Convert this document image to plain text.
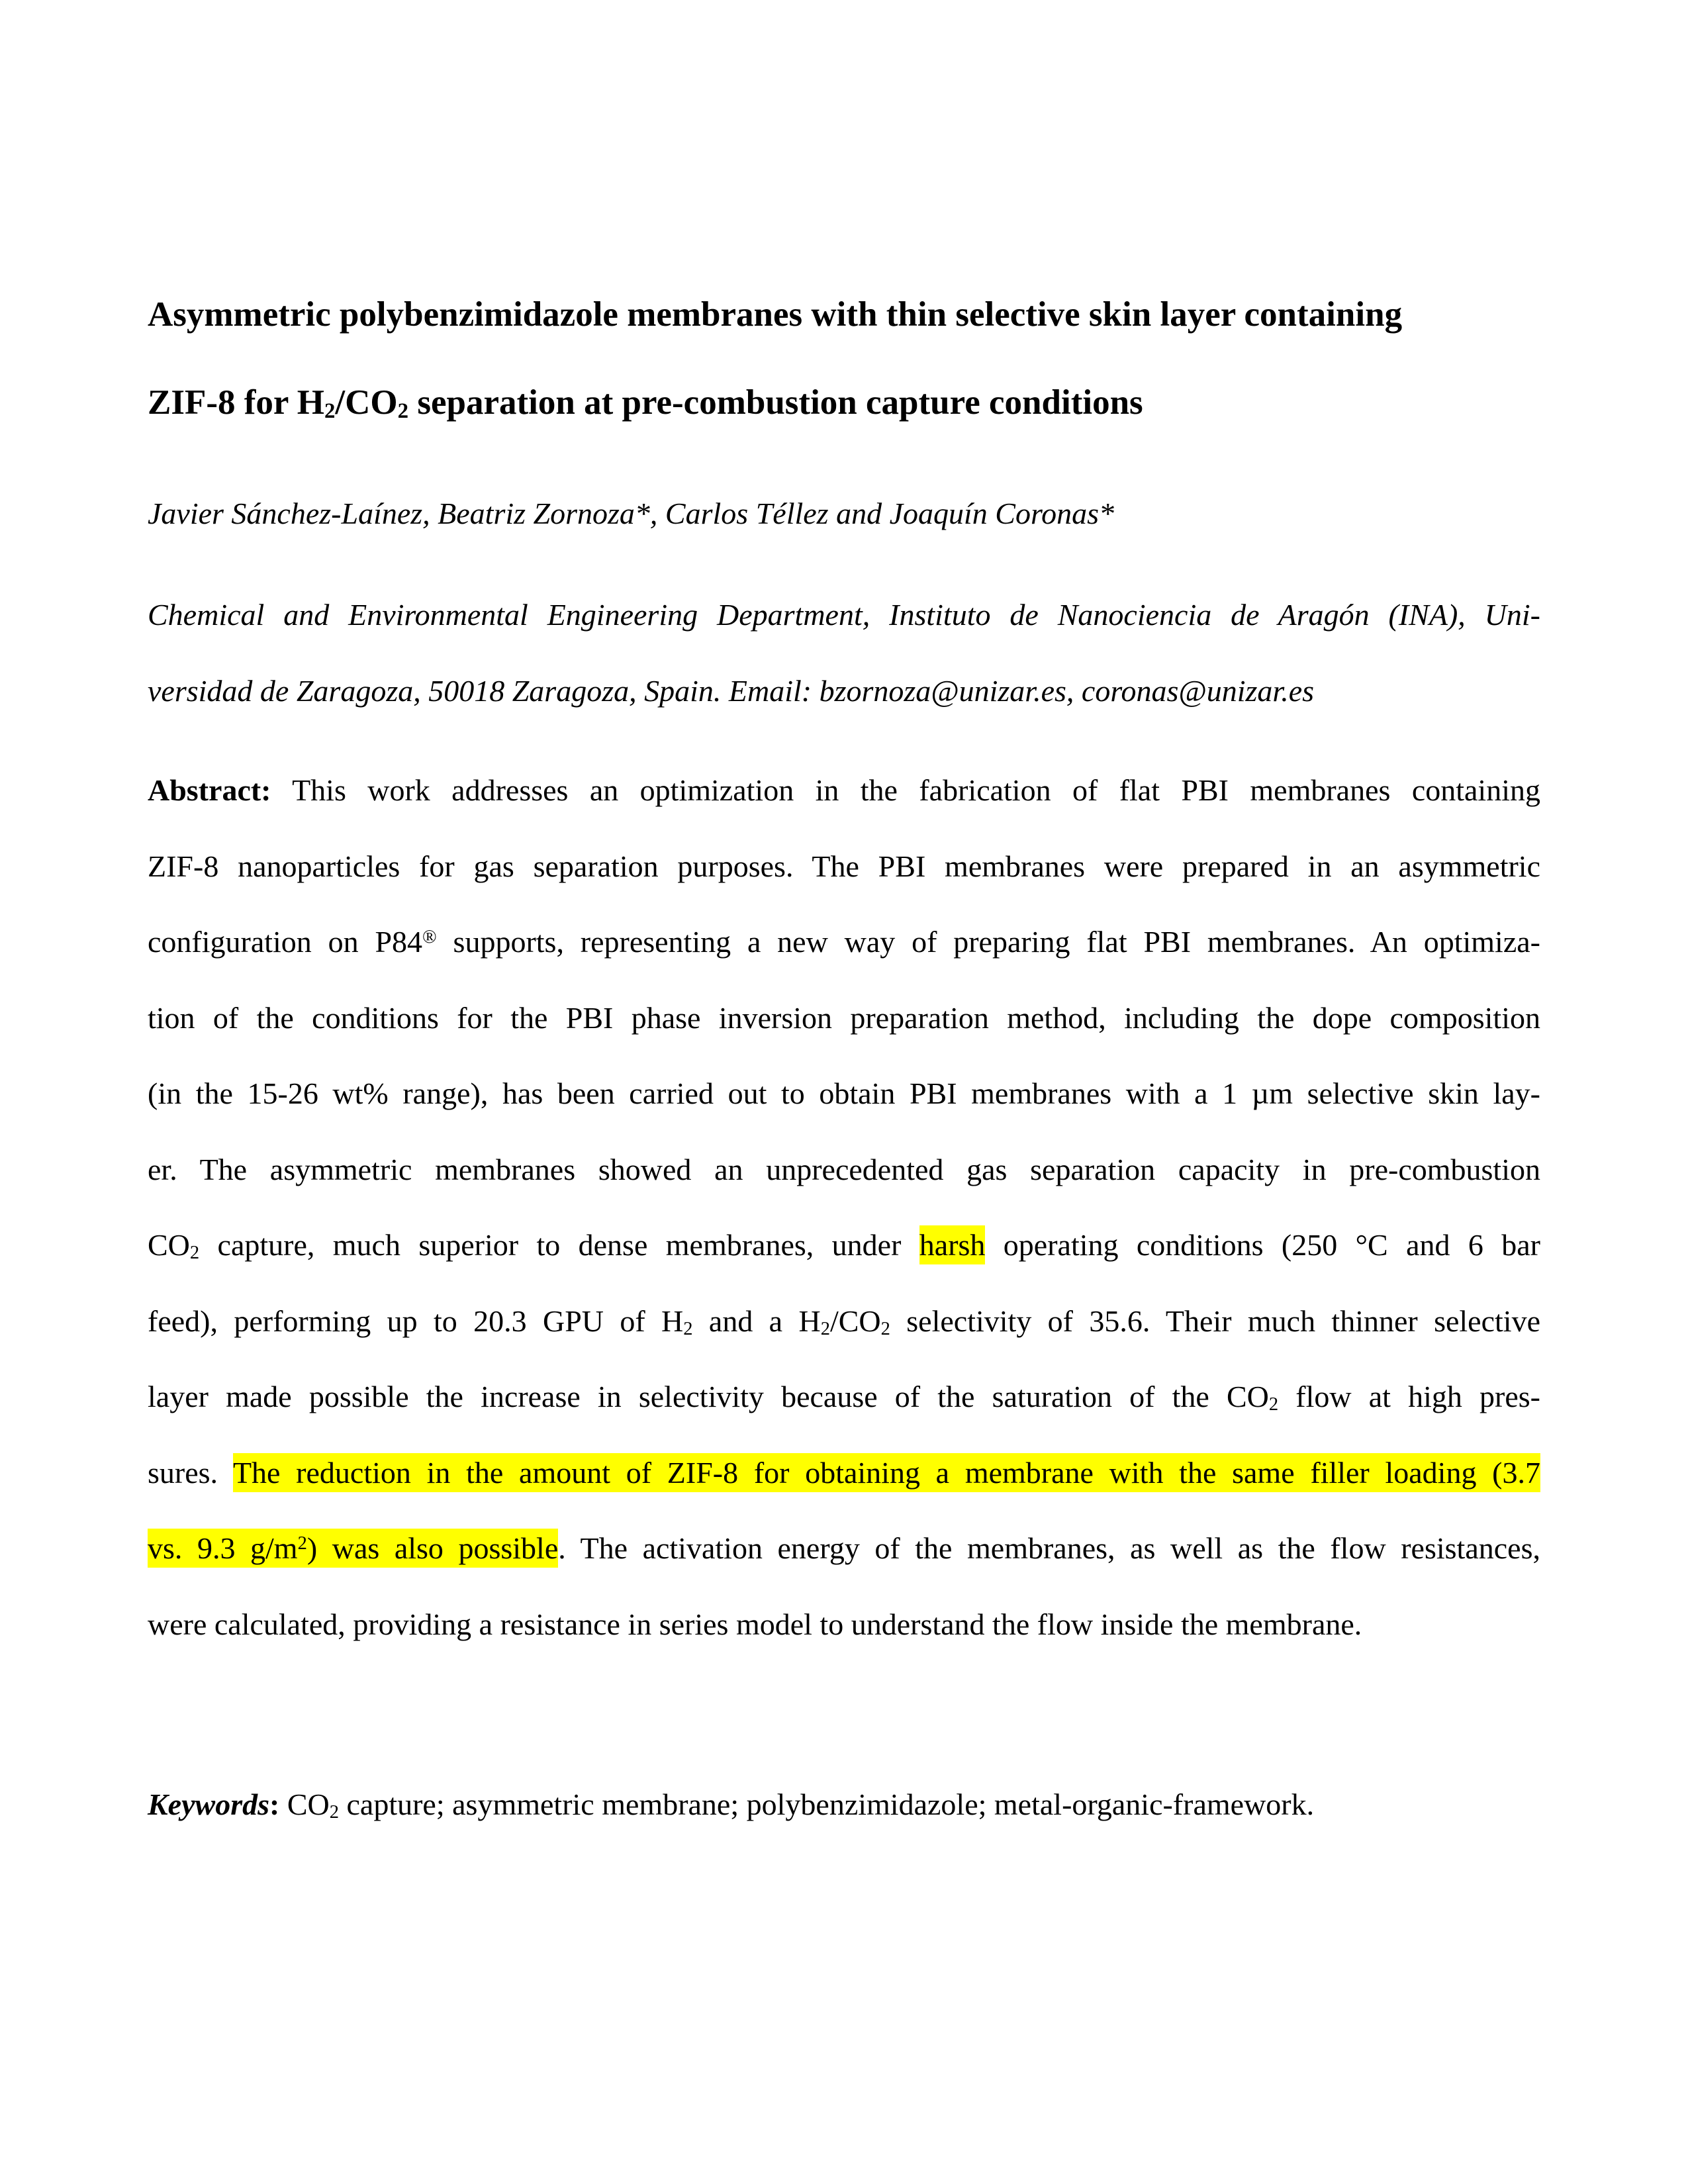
Asymmetric polybenzimidazole membranes with thin selective skin layer containing
ZIF-8 for $H_2/CO_2$ separation at pre-combustion capture conditions
Javier Sánchez-Laínez, Beatriz Zornoza*, Carlos Téllez and Joaquín Coronas*
Chemical and Environmental Engineering Department, Instituto de Nanociencia de Aragón (INA), Uni-
versidad de Zaragoza, 50018 Zaragoza, Spain. Email: bzornoza@unizar.es, coronas@unizar.es
Abstract: This work addresses an optimization in the fabrication of flat PBI membranes containing
ZIF-8 nanoparticles for gas separation purposes. The PBI membranes were prepared in an asymmetric
configuration on P84® supports, representing a new way of preparing flat PBI membranes. An optimiza-
tion of the conditions for the PBI phase inversion preparation method, including the dope composition
(in the 15-26 wt% range), has been carried out to obtain PBI membranes with a 1 µm selective skin lay-
er. The asymmetric membranes showed an unprecedented gas separation capacity in pre-combustion
$CO_2$ capture, much superior to dense membranes, under harsh operating conditions (250 °C and 6 bar
feed), performing up to 20.3 GPU of $H_2$ and a $H_2/CO_2$ selectivity of 35.6. Their much thinner selective
layer made possible the increase in selectivity because of the saturation of the $CO_2$ flow at high pres-
sures. The reduction in the amount of ZIF-8 for obtaining a membrane with the same filler loading (3.7
vs. 9.3 $g/m^2$) was also possible. The activation energy of the membranes, as well as the flow resistances,
were calculated, providing a resistance in series model to understand the flow inside the membrane.
Keywords: $CO_2$ capture; asymmetric membrane; polybenzimidazole; metal-organic-framework.
